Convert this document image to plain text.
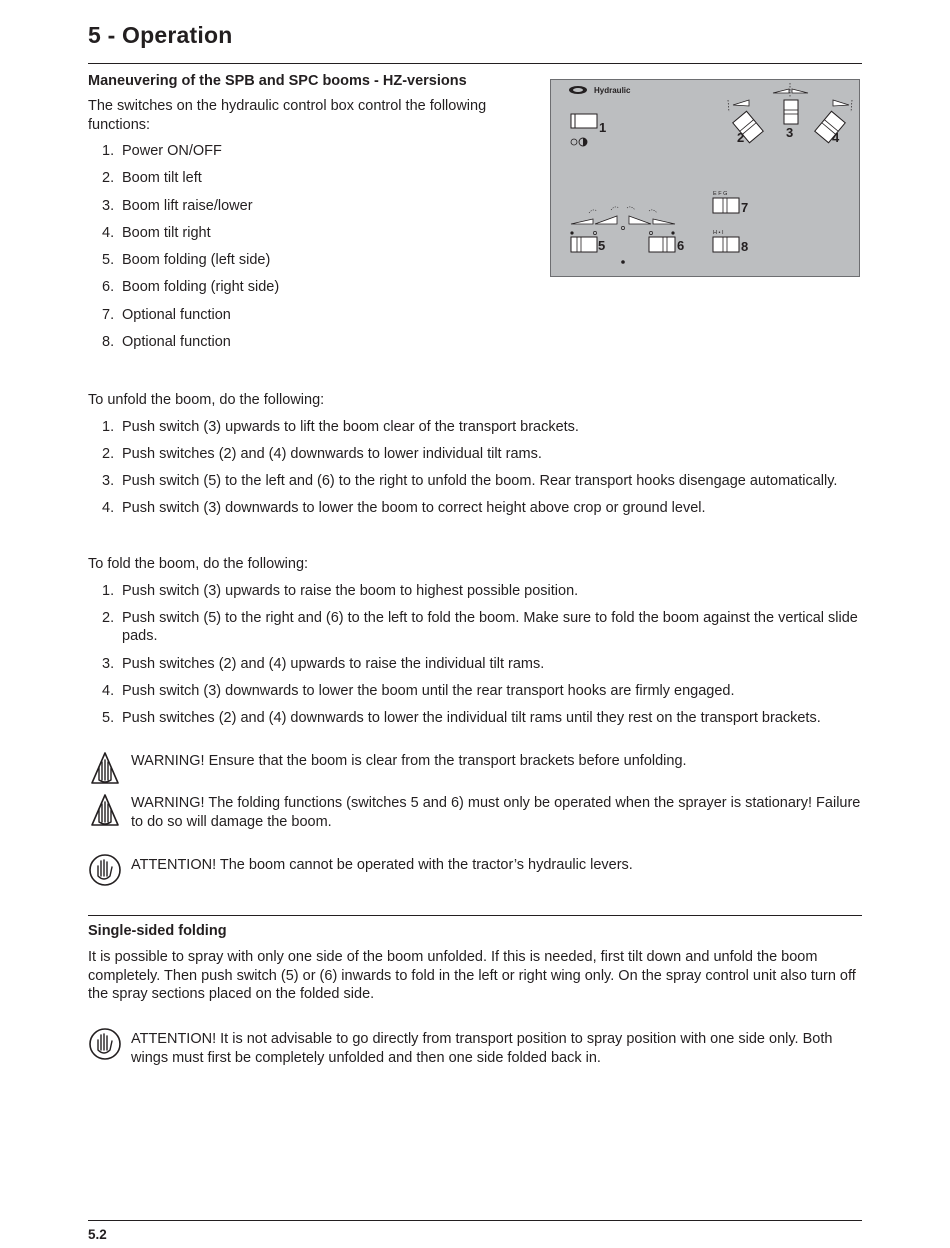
5 - Operation
Maneuvering of the SPB and SPC booms - HZ-versions
The switches on the hydraulic control box control the following functions:
1. Power ON/OFF
2. Boom tilt left
3. Boom lift raise/lower
4. Boom tilt right
5. Boom folding (left side)
6. Boom folding (right side)
7. Optional function
8. Optional function
To unfold the boom, do the following:
1. Push switch (3) upwards to lift the boom clear of the transport brackets.
2. Push switches (2) and (4) downwards to lower individual tilt rams.
3. Push switch (5) to the left and (6) to the right to unfold the boom. Rear transport hooks disengage automatically.
4. Push switch (3) downwards to lower the boom to correct height above crop or ground level.
To fold the boom, do the following:
1. Push switch (3) upwards to raise the boom to highest possible position.
2. Push switch (5) to the right and (6) to the left to fold the boom. Make sure to fold the boom against the vertical slide pads.
3. Push switches (2) and (4) upwards to raise the individual tilt rams.
4. Push switch (3) downwards to lower the boom until the rear transport hooks are firmly engaged.
5. Push switches (2) and (4) downwards to lower the individual tilt rams until they rest on the transport brackets.
WARNING! Ensure that the boom is clear from the transport brackets before unfolding.
WARNING! The folding functions (switches 5 and 6) must only be operated when the sprayer is stationary! Failure to do so will damage the boom.
ATTENTION! The boom cannot be operated with the tractor’s hydraulic levers.
Single-sided folding
It is possible to spray with only one side of the boom unfolded. If this is needed, first tilt down and unfold the boom completely. Then push switch (5) or (6) inwards to fold in the left or right wing only. On the spray control unit also turn off the spray sections placed on the folded side.
ATTENTION! It is not advisable to go directly from transport position to spray position with one side only. Both wings must first be completely unfolded and then one side folded back in.
5.2
Hydraulic
1
2	3	4
5	6
E F G
7
H • I
8
